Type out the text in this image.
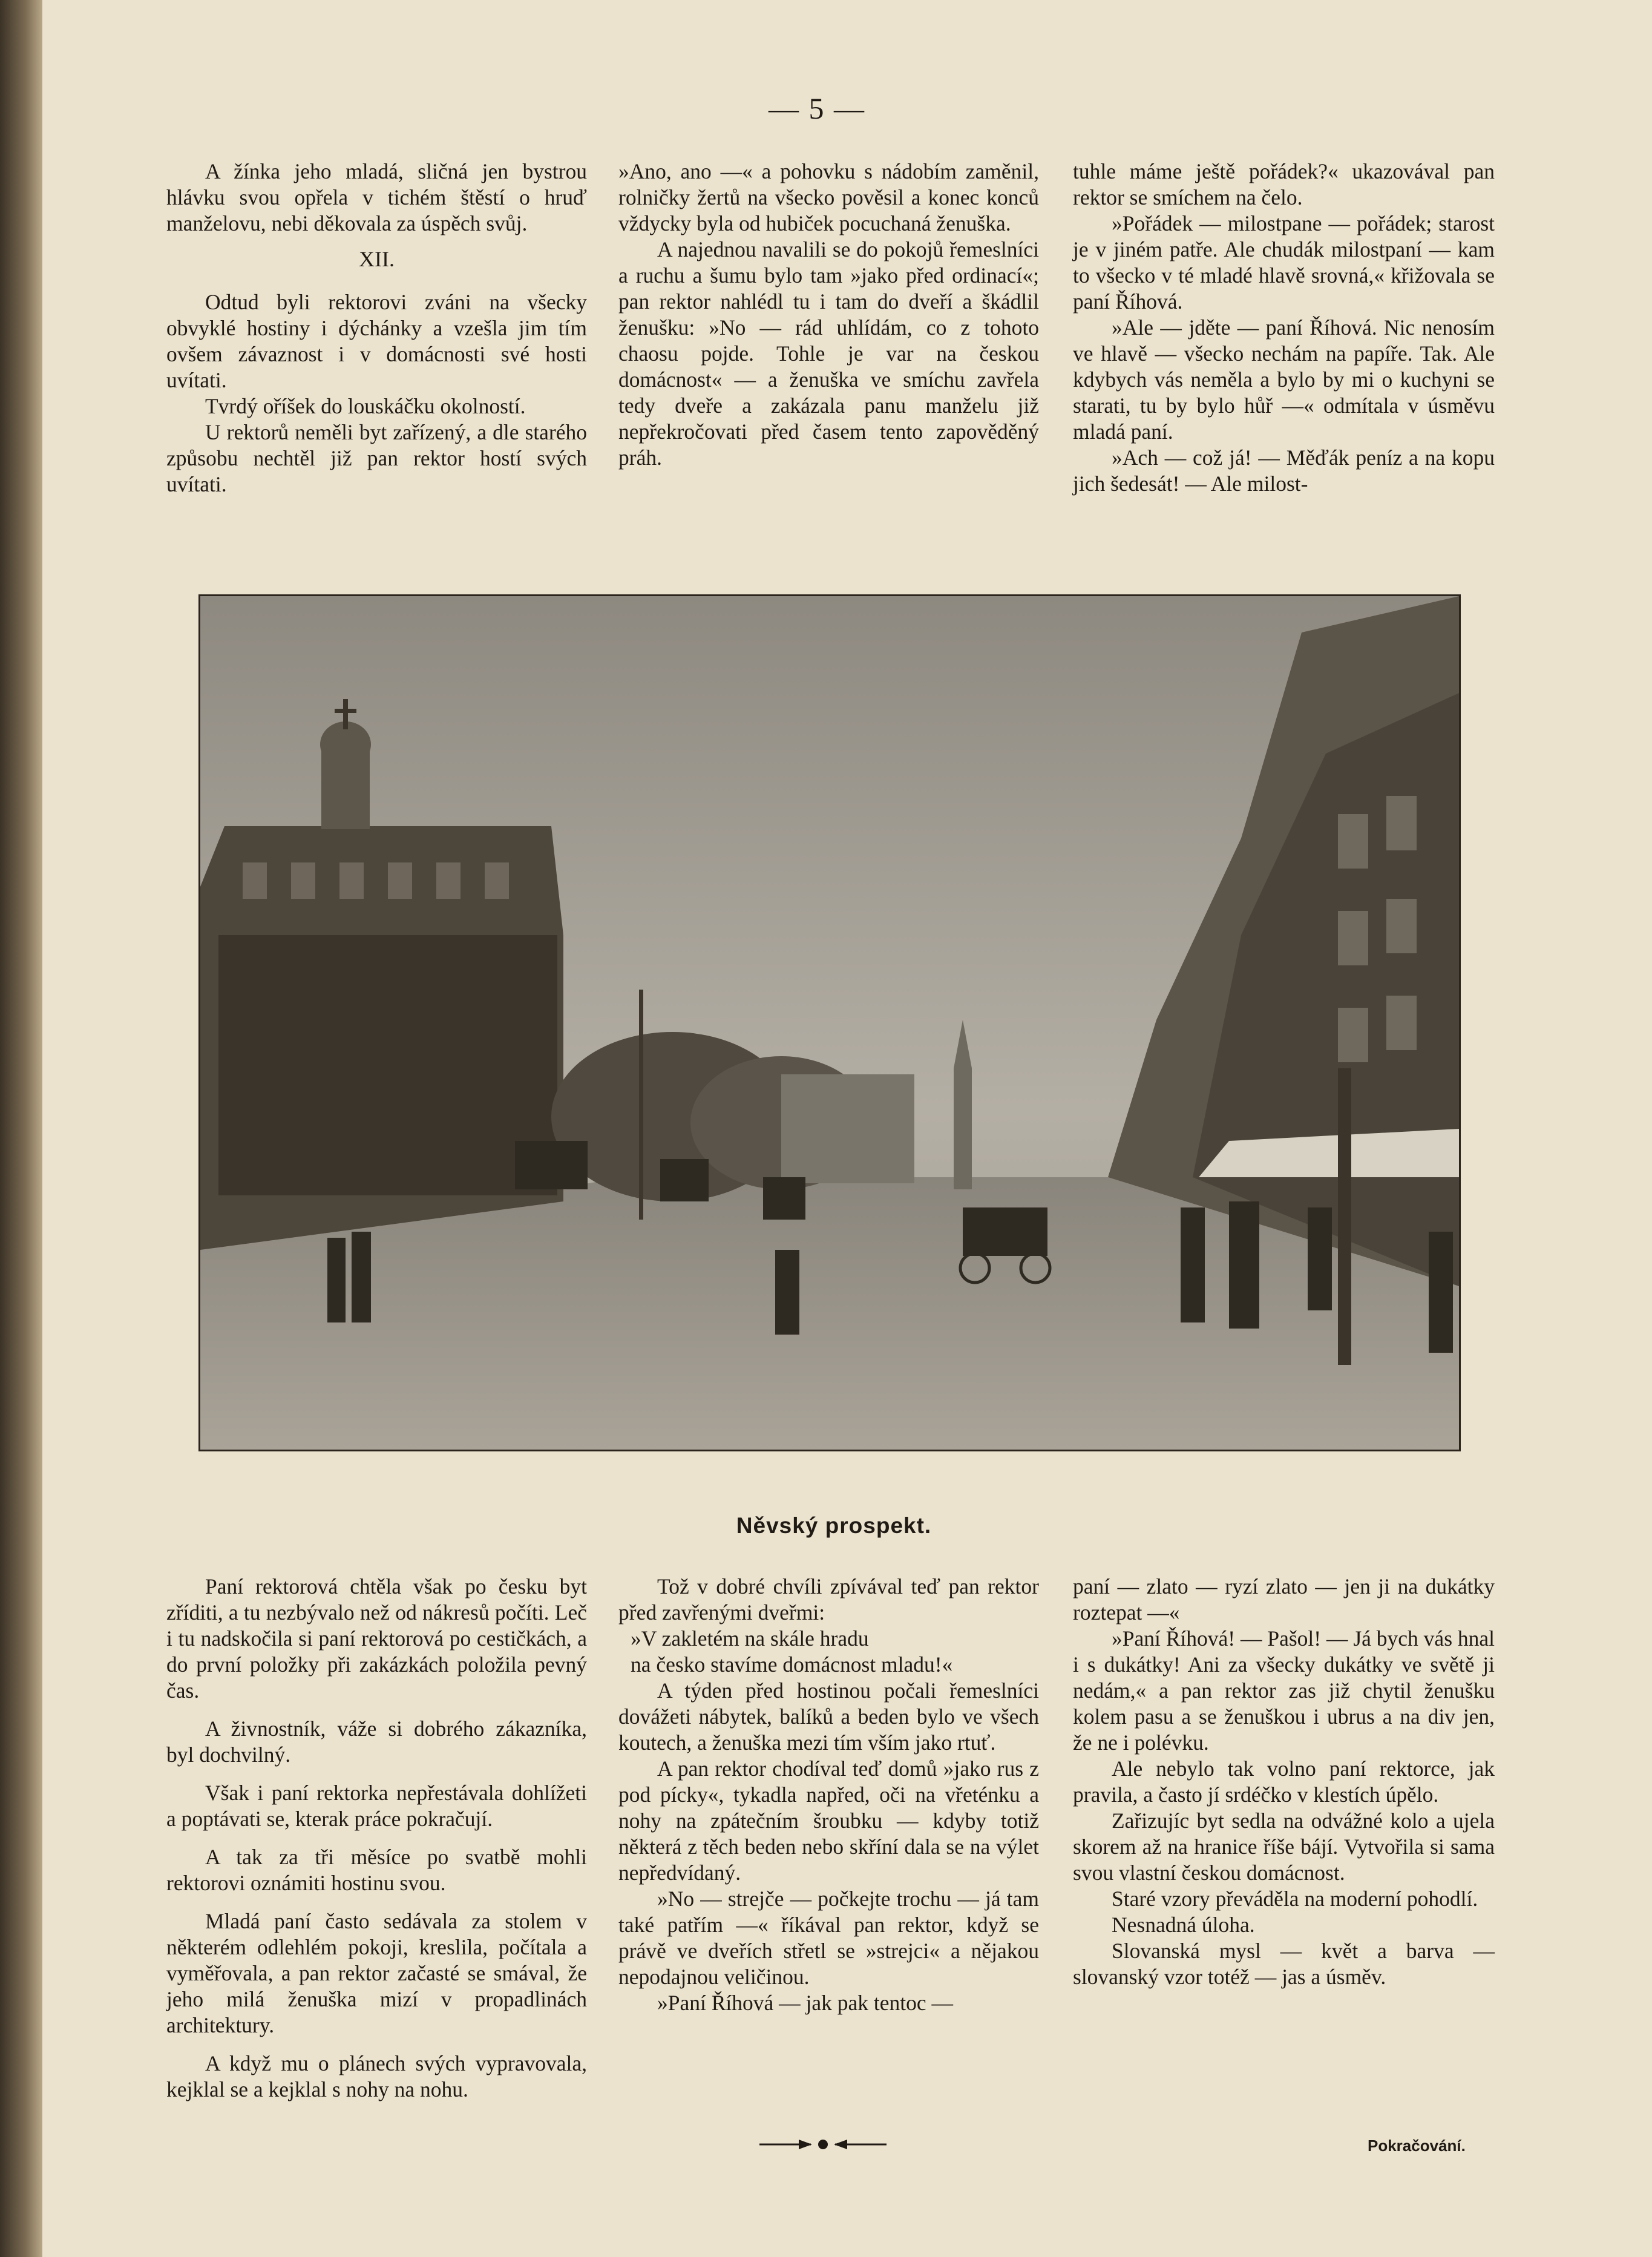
— 5 —

A žínka jeho mladá, sličná jen bystrou hlávku svou opřela v tichém štěstí o hruď manželovu, nebi děkovala za úspěch svůj.

XII.

Odtud byli rektorovi zváni na všecky obvyklé hostiny i dýchánky a vzešla jim tím ovšem závaznost i v domácnosti své hosti uvítati.

Tvrdý oříšek do louskáčku okolností.

U rektorů neměli byt zařízený, a dle starého způsobu nechtěl již pan rektor hostí svých uvítati.

»Ano, ano —« a pohovku s nádobím zaměnil, rolničky žertů na všecko pověsil a konec konců vždycky byla od hubiček pocuchaná ženuška.

A najednou navalili se do pokojů řemeslníci a ruchu a šumu bylo tam »jako před ordinací«; pan rektor nahlédl tu i tam do dveří a škádlil ženušku: »No — rád uhlídám, co z tohoto chaosu pojde. Tohle je var na českou domácnost« — a ženuška ve smíchu zavřela tedy dveře a zakázala panu manželu již nepřekročovati před časem tento zapověděný práh.

tuhle máme ještě pořádek?« ukazovával pan rektor se smíchem na čelo.

»Pořádek — milostpane — pořádek; starost je v jiném patře. Ale chudák milostpaní — kam to všecko v té mladé hlavě srovná,« křižovala se paní Říhová.

»Ale — jděte — paní Říhová. Nic nenosím ve hlavě — všecko nechám na papíře. Tak. Ale kdybych vás neměla a bylo by mi o kuchyni se starati, tu by bylo hůř —« odmítala v úsměvu mladá paní.

»Ach — což já! — Měďák peníz a na kopu jich šedesát! — Ale milost-

Něvský prospekt.

Paní rektorová chtěla však po česku byt zříditi, a tu nezbývalo než od nákresů počíti. Leč i tu nadskočila si paní rektorová po cestičkách, a do první položky při zakázkách položila pevný čas.

A živnostník, váže si dobrého zákazníka, byl dochvilný.

Však i paní rektorka nepřestávala dohlížeti a poptávati se, kterak práce pokračují.

A tak za tři měsíce po svatbě mohli rektorovi oznámiti hostinu svou.

Mladá paní často sedávala za stolem v některém odlehlém pokoji, kreslila, počítala a vyměřovala, a pan rektor začasté se smával, že jeho milá ženuška mizí v propadlinách architektury.

A když mu o plánech svých vypravovala, kejklal se a kejklal s nohy na nohu.

Tož v dobré chvíli zpívával teď pan rektor před zavřenými dveřmi:

»V zakletém na skále hradu

na česko stavíme domácnost mladu!«

A týden před hostinou počali řemeslníci dovážeti nábytek, balíků a beden bylo ve všech koutech, a ženuška mezi tím vším jako rtuť.

A pan rektor chodíval teď domů »jako rus z pod pícky«, tykadla napřed, oči na vřeténku a nohy na zpátečním šroubku — kdyby totiž některá z těch beden nebo skříní dala se na výlet nepředvídaný.

»No — strejče — počkejte trochu — já tam také patřím —« říkával pan rektor, když se právě ve dveřích střetl se »strejci« a nějakou nepodajnou veličinou.

»Paní Říhová — jak pak tentoc —

paní — zlato — ryzí zlato — jen ji na dukátky roztepat —«

»Paní Říhová! — Pašol! — Já bych vás hnal i s dukátky! Ani za všecky dukátky ve světě ji nedám,« a pan rektor zas již chytil ženušku kolem pasu a se ženuškou i ubrus a na div jen, že ne i polévku.

Ale nebylo tak volno paní rektorce, jak pravila, a často jí srdéčko v klestích úpělo.

Zařizujíc byt sedla na odvážné kolo a ujela skorem až na hranice říše bájí. Vytvořila si sama svou vlastní českou domácnost.

Staré vzory převáděla na moderní pohodlí.

Nesnadná úloha.

Slovanská mysl — květ a barva — slovanský vzor totéž — jas a úsměv.

Pokračování.
